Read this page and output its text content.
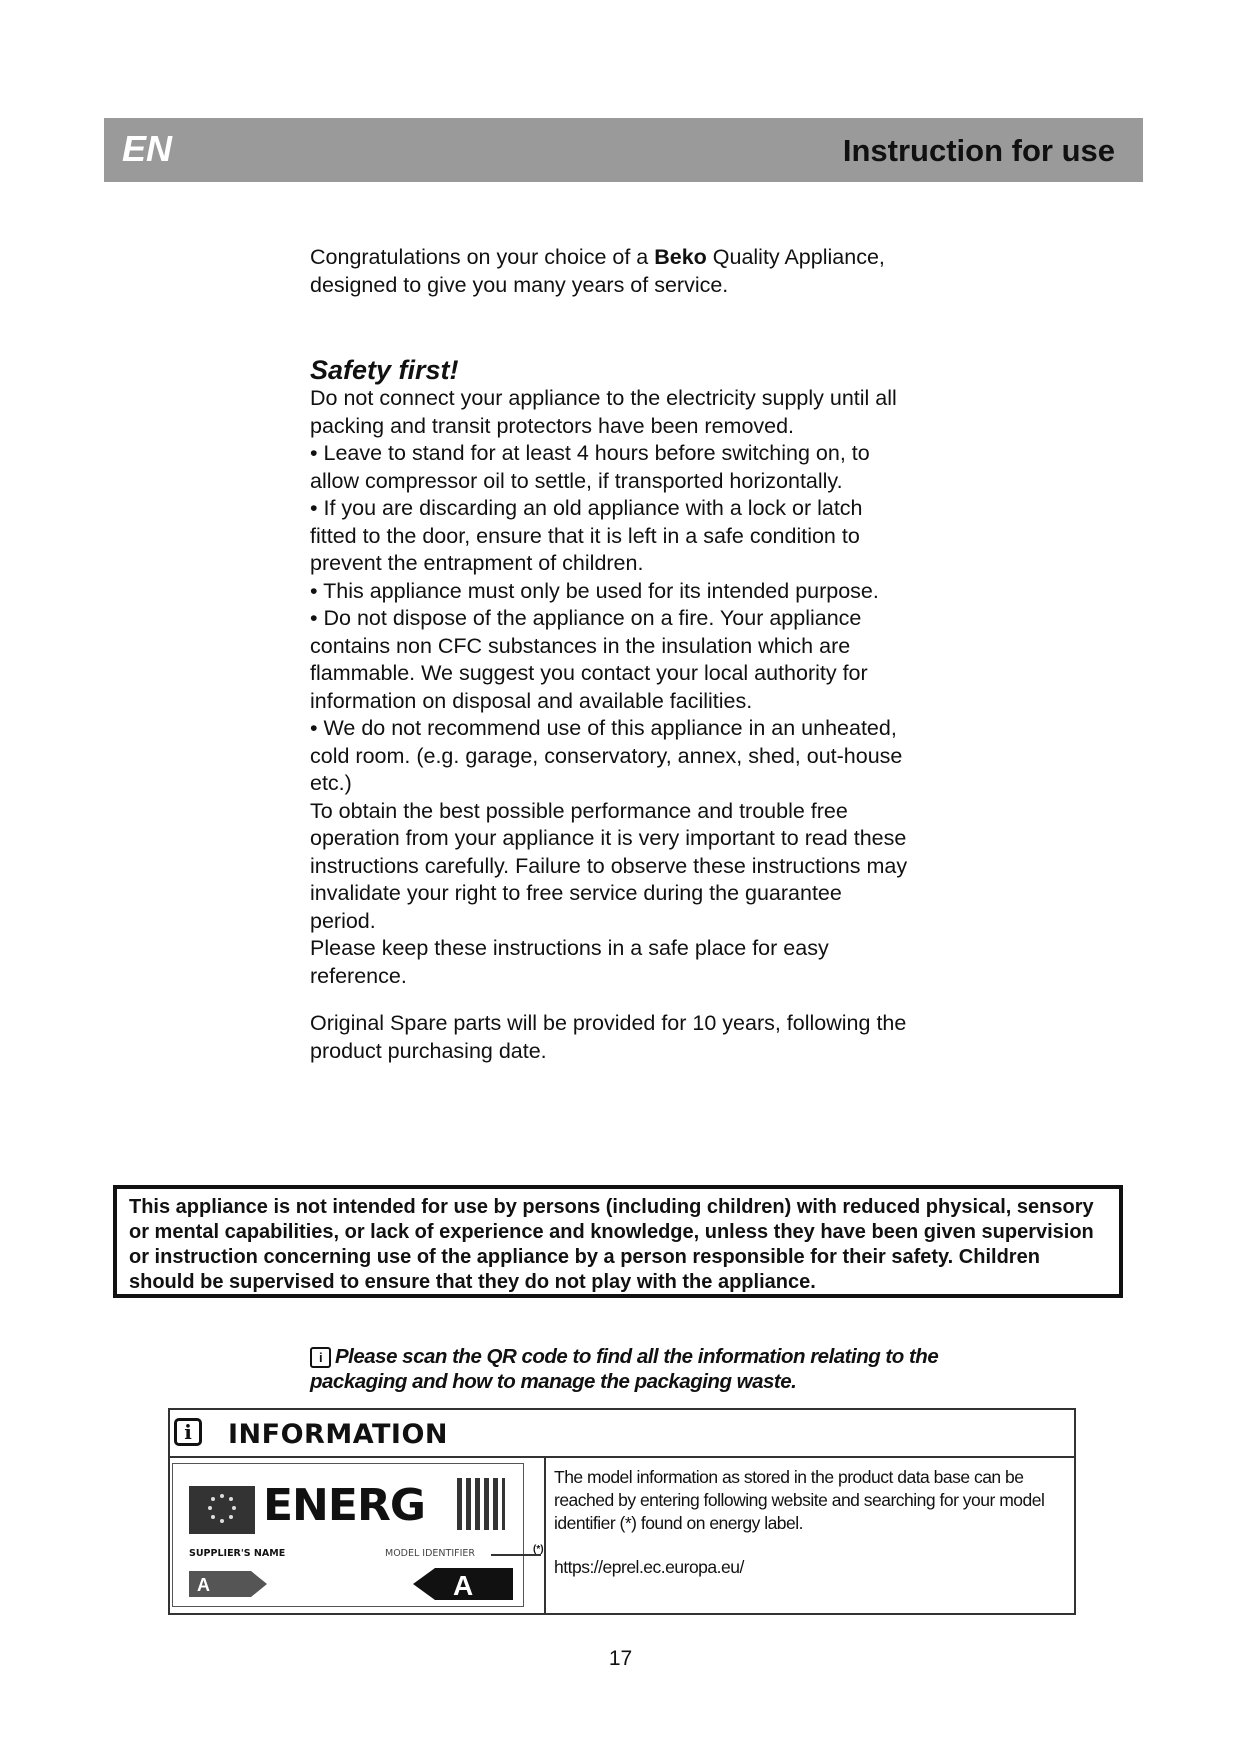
EN	Instruction for use

Congratulations on your choice of a Beko Quality Appliance, designed to give you many years of service.

Safety first!

Do not connect your appliance to the electricity supply until all packing and transit protectors have been removed.

• Leave to stand for at least 4 hours before switching on, to allow compressor oil to settle, if transported horizontally.

• If you are discarding an old appliance with a lock or latch fitted to the door, ensure that it is left in a safe condition to prevent the entrapment of children.

• This appliance must only be used for its intended purpose.

• Do not dispose of the appliance on a fire. Your appliance contains non CFC substances in the insulation which are flammable. We suggest you contact your local authority for information on disposal and available facilities.

• We do not recommend use of this appliance in an unheated, cold room. (e.g. garage, conservatory, annex, shed, out-house etc.)

To obtain the best possible performance and trouble free operation from your appliance it is very important to read these instructions carefully. Failure to observe these instructions may invalidate your right to free service during the guarantee period.

Please keep these instructions in a safe place for easy reference.

Original Spare parts will be provided for 10 years, following the product purchasing date.

This appliance is not intended for use by persons (including children) with reduced physical, sensory or mental capabilities, or lack of experience and knowledge, unless they have been given supervision or instruction concerning use of the appliance by a person responsible for their safety. Children should be supervised to ensure that they do not play with the appliance.
i Please scan the QR code to find all the information relating to the packaging and how to manage the packaging waste.
i	INFORMATION
ENERG
SUPPLIER'S NAME	MODEL IDENTIFIER	(*)
A	A
The model information as stored in the product data base can be reached by entering following website and searching for your model identifier (*) found on energy label.
https://eprel.ec.europa.eu/
17
